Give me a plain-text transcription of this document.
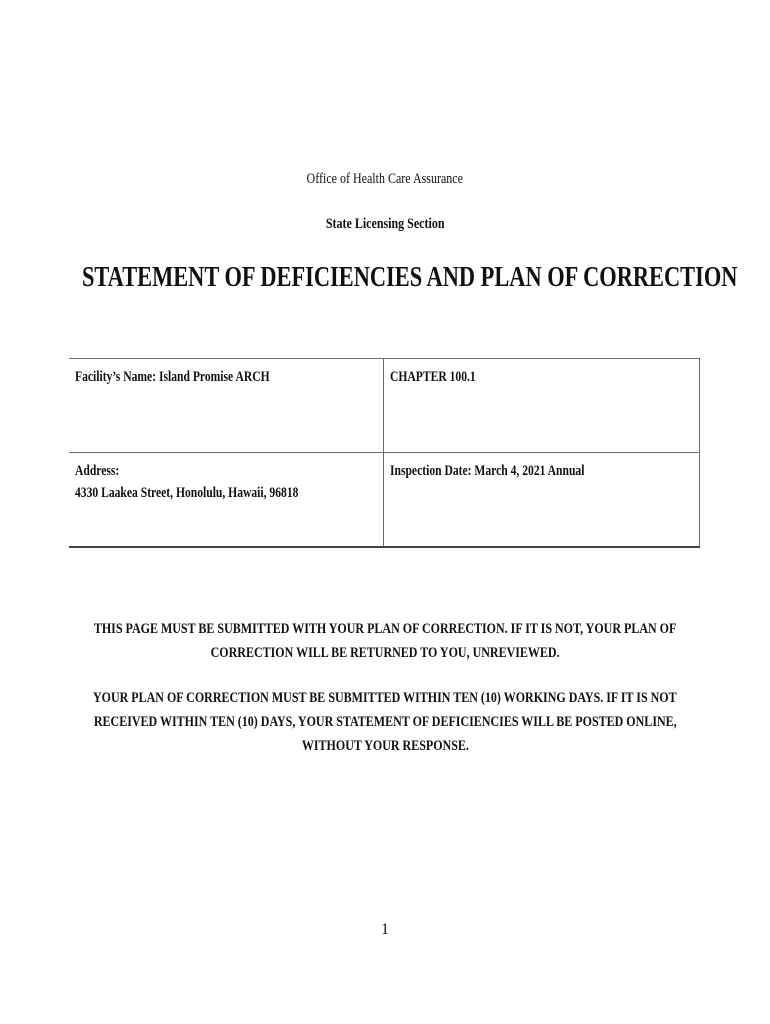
Office of Health Care Assurance
State Licensing Section
STATEMENT OF DEFICIENCIES AND PLAN OF CORRECTION
Facility’s Name: Island Promise ARCH	CHAPTER 100.1
Address:
4330 Laakea Street, Honolulu, Hawaii, 96818	Inspection Date: March 4, 2021 Annual
THIS PAGE MUST BE SUBMITTED WITH YOUR PLAN OF CORRECTION. IF IT IS NOT, YOUR PLAN OF
CORRECTION WILL BE RETURNED TO YOU, UNREVIEWED.
YOUR PLAN OF CORRECTION MUST BE SUBMITTED WITHIN TEN (10) WORKING DAYS. IF IT IS NOT
RECEIVED WITHIN TEN (10) DAYS, YOUR STATEMENT OF DEFICIENCIES WILL BE POSTED ONLINE,
WITHOUT YOUR RESPONSE.
1
